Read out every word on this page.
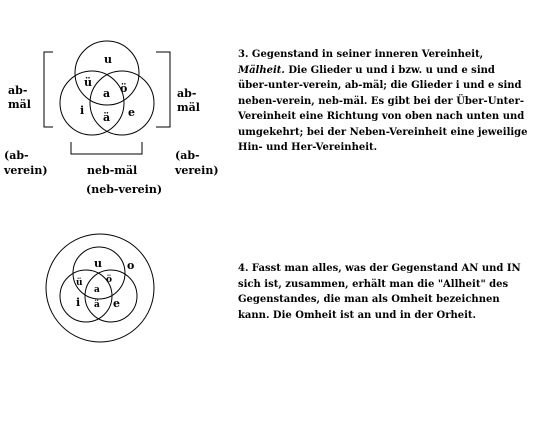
u
ü	ö
a
i	e
ä
ab-
mäl
ab-
mäl
(ab-
verein)
(ab-
verein)
neb-mäl
(neb-verein)
o
u
ü	ö
a
i ä e
3. Gegenstand in seiner inneren Vereinheit,
Mälheit. Die Glieder u und i bzw. u und e sind
über-unter-verein, ab-mäl; die Glieder i und e sind
neben-verein, neb-mäl. Es gibt bei der Über-Unter-
Vereinheit eine Richtung von oben nach unten und
umgekehrt; bei der Neben-Vereinheit eine jeweilige
Hin- und Her-Vereinheit.
4. Fasst man alles, was der Gegenstand AN und IN
sich ist, zusammen, erhält man die "Allheit" des
Gegenstandes, die man als Omheit bezeichnen
kann. Die Omheit ist an und in der Orheit.
